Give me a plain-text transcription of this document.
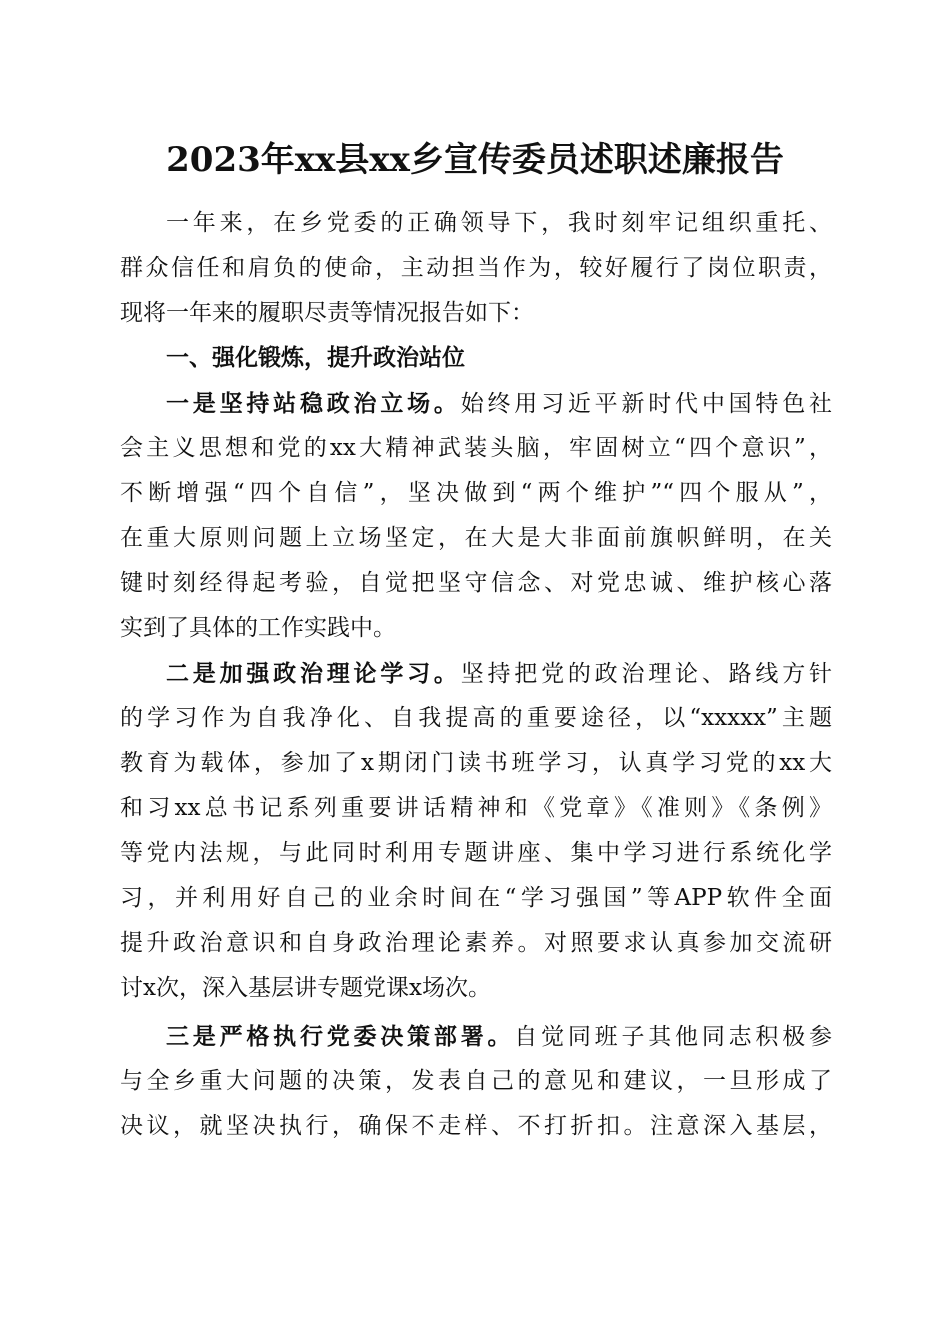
2023年xx县xx乡宣传委员述职述廉报告
一年来，在乡党委的正确领导下，我时刻牢记组织重托、
群众信任和肩负的使命，主动担当作为，较好履行了岗位职责，
现将一年来的履职尽责等情况报告如下：
一、强化锻炼，提升政治站位
一是坚持站稳政治立场。始终用习近平新时代中国特色社
会主义思想和党的xx大精神武装头脑，牢固树立“四个意识”，
不断增强“四个自信”，坚决做到“两个维护”“四个服从”，
在重大原则问题上立场坚定，在大是大非面前旗帜鲜明，在关
键时刻经得起考验，自觉把坚守信念、对党忠诚、维护核心落
实到了具体的工作实践中。
二是加强政治理论学习。坚持把党的政治理论、路线方针
的学习作为自我净化、自我提高的重要途径，以“xxxxx”主题
教育为载体，参加了x期闭门读书班学习，认真学习党的xx大
和习xx总书记系列重要讲话精神和《党章》《准则》《条例》
等党内法规，与此同时利用专题讲座、集中学习进行系统化学
习，并利用好自己的业余时间在“学习强国”等APP软件全面
提升政治意识和自身政治理论素养。对照要求认真参加交流研
讨x次，深入基层讲专题党课x场次。
三是严格执行党委决策部署。自觉同班子其他同志积极参
与全乡重大问题的决策，发表自己的意见和建议，一旦形成了
决议，就坚决执行，确保不走样、不打折扣。注意深入基层，
